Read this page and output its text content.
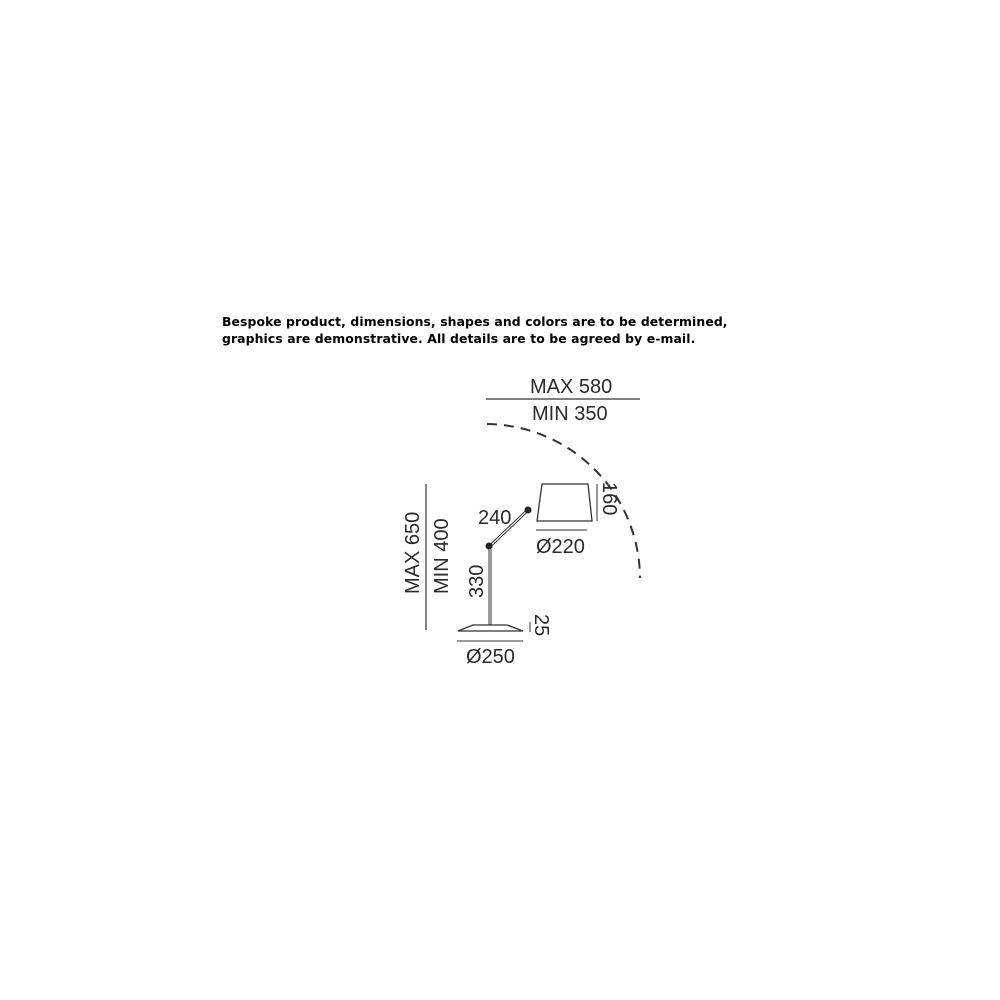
Bespoke product, dimensions, shapes and colors are to be determined,
graphics are demonstrative. All details are to be agreed by e-mail.
MAX 580
MIN 350
MAX 650 MIN 400	Ø220
160
240
330
Ø250
25
